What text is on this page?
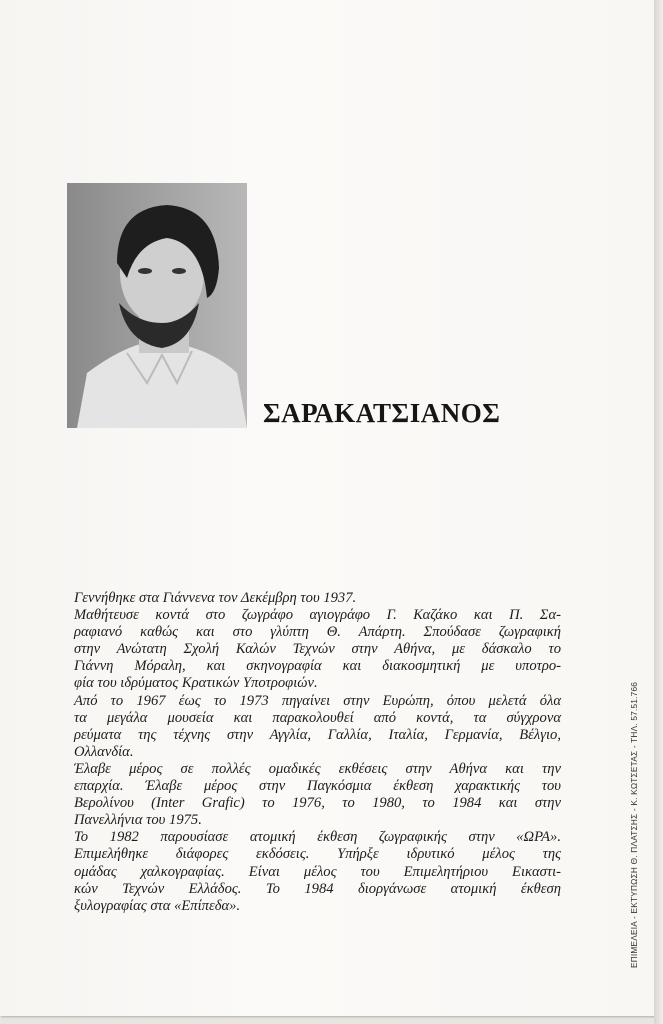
ΣΑΡΑΚΑΤΣΙΑΝΟΣ
Γεννήθηκε στα Γιάννενα τον Δεκέμβρη του 1937.
Μαθήτευσε κοντά στο ζωγράφο αγιογράφο Γ. Καζάκο και Π. Σα-
ραφιανό καθώς και στο γλύπτη Θ. Απάρτη. Σπούδασε ζωγραφική
στην Ανώτατη Σχολή Καλών Τεχνών στην Αθήνα, με δάσκαλο το
Γιάννη Μόραλη, και σκηνογραφία και διακοσμητική με υποτρο-
φία του ιδρύματος Κρατικών Υποτροφιών.
Από το 1967 έως το 1973 πηγαίνει στην Ευρώπη, όπου μελετά όλα
τα μεγάλα μουσεία και παρακολουθεί από κοντά, τα σύγχρονα
ρεύματα της τέχνης στην Αγγλία, Γαλλία, Ιταλία, Γερμανία, Βέλγιο,
Ολλανδία.
Έλαβε μέρος σε πολλές ομαδικές εκθέσεις στην Αθήνα και την
επαρχία. Έλαβε μέρος στην Παγκόσμια έκθεση χαρακτικής του
Βερολίνου (Inter Grafic) το 1976, το 1980, το 1984 και στην
Πανελλήνια του 1975.
Το 1982 παρουσίασε ατομική έκθεση ζωγραφικής στην «ΩΡΑ».
Επιμελήθηκε διάφορες εκδόσεις. Υπήρξε ιδρυτικό μέλος της
ομάδας χαλκογραφίας. Είναι μέλος του Επιμελητήριου Εικαστι-
κών Τεχνών Ελλάδος. Το 1984 διοργάνωσε ατομική έκθεση
ξυλογραφίας στα «Επίπεδα».	ΕΠΙΜΕΛΕΙΑ - ΕΚΤΥΠΩΣΗ Θ. ΠΛΑΤΣΗΣ - Κ. ΚΩΤΣΕΤΑΣ - ΤΗΛ. 57.51.766
